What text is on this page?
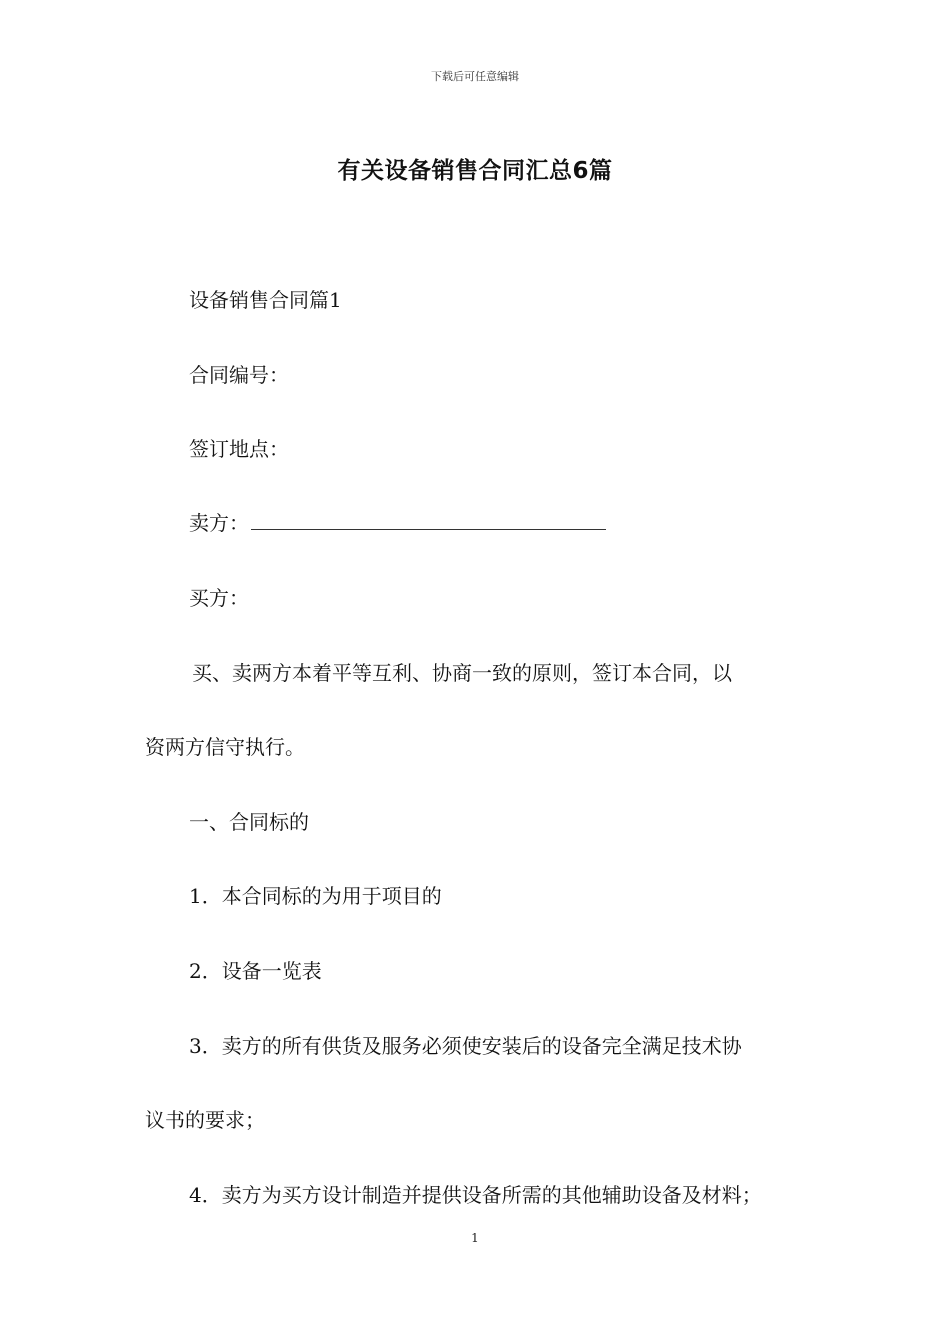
下载后可任意编辑
有关设备销售合同汇总6篇
设备销售合同篇1
合同编号：
签订地点：
卖方：
买方：
买、卖两方本着平等互利、协商一致的原则，签订本合同，以
资两方信守执行。
一、合同标的
1．本合同标的为用于项目的
2．设备一览表
3．卖方的所有供货及服务必须使安装后的设备完全满足技术协
议书的要求；
4．卖方为买方设计制造并提供设备所需的其他辅助设备及材料；
1
